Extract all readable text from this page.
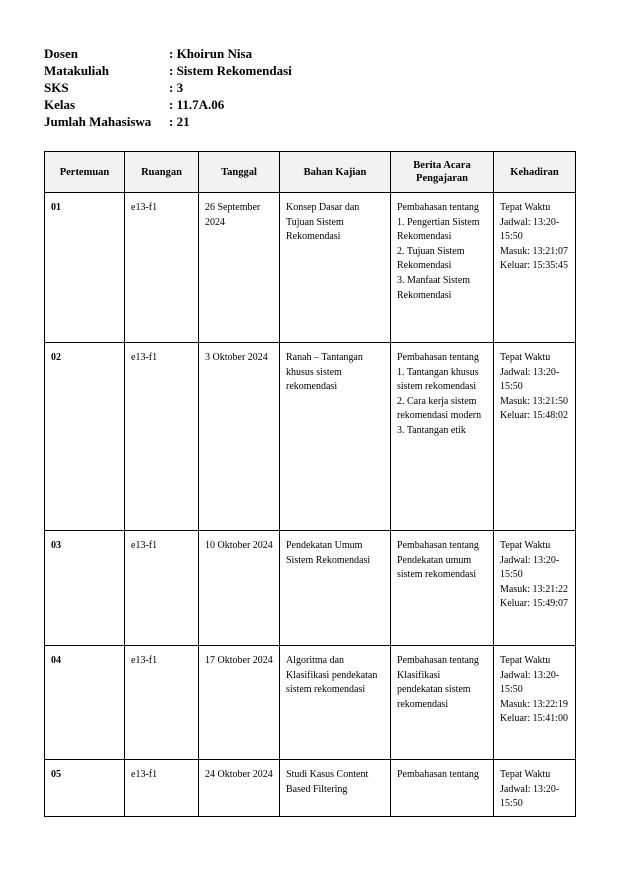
Dosen	: Khoirun Nisa
Matakuliah	: Sistem Rekomendasi
SKS	: 3
Kelas	: 11.7A.06
Jumlah Mahasiswa	: 21
Pertemuan	Ruangan	Tanggal	Bahan Kajian	Berita Acara Pengajaran	Kehadiran

01	e13-f1	26 September 2024	Konsep Dasar dan Tujuan Sistem Rekomendasi	Pembahasan tentang
1. Pengertian Sistem Rekomendasi
2. Tujuan Sistem Rekomendasi
3. Manfaat Sistem Rekomendasi	Tepat Waktu
Jadwal: 13:20-15:50
Masuk: 13:21:07
Keluar: 15:35:45

02	e13-f1	3 Oktober 2024	Ranah – Tantangan khusus sistem rekomendasi	Pembahasan tentang
1. Tantangan khusus sistem rekomendasi
2. Cara kerja sistem rekomendasi modern
3. Tantangan etik	Tepat Waktu
Jadwal: 13:20-15:50
Masuk: 13:21:50
Keluar: 15:48:02

03	e13-f1	10 Oktober 2024	Pendekatan Umum Sistem Rekomendasi	Pembahasan tentang Pendekatan umum sistem rekomendasi	Tepat Waktu
Jadwal: 13:20-15:50
Masuk: 13:21:22
Keluar: 15:49:07

04	e13-f1	17 Oktober 2024	Algoritma dan Klasifikasi pendekatan sistem rekomendasi	Pembahasan tentang Klasifikasi pendekatan sistem rekomendasi	Tepat Waktu
Jadwal: 13:20-15:50
Masuk: 13:22:19
Keluar: 15:41:00

05	e13-f1	24 Oktober 2024	Studi Kasus Content Based Filtering	Pembahasan tentang	Tepat Waktu
Jadwal: 13:20-15:50
